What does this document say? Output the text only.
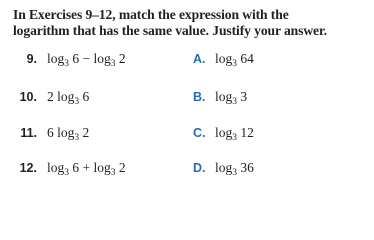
In Exercises 9–12, match the expression with the
logarithm that has the same value. Justify your answer.
9. $\log_3 6 - \log_3 2$	A. $\log_3 64$
10. 2 $\log_3 6$	B. $\log_3 3$
11. 6 $\log_3 2$	C. $\log_3 12$
12. $\log_3 6 + \log_3 2$	D. $\log_3 36$
